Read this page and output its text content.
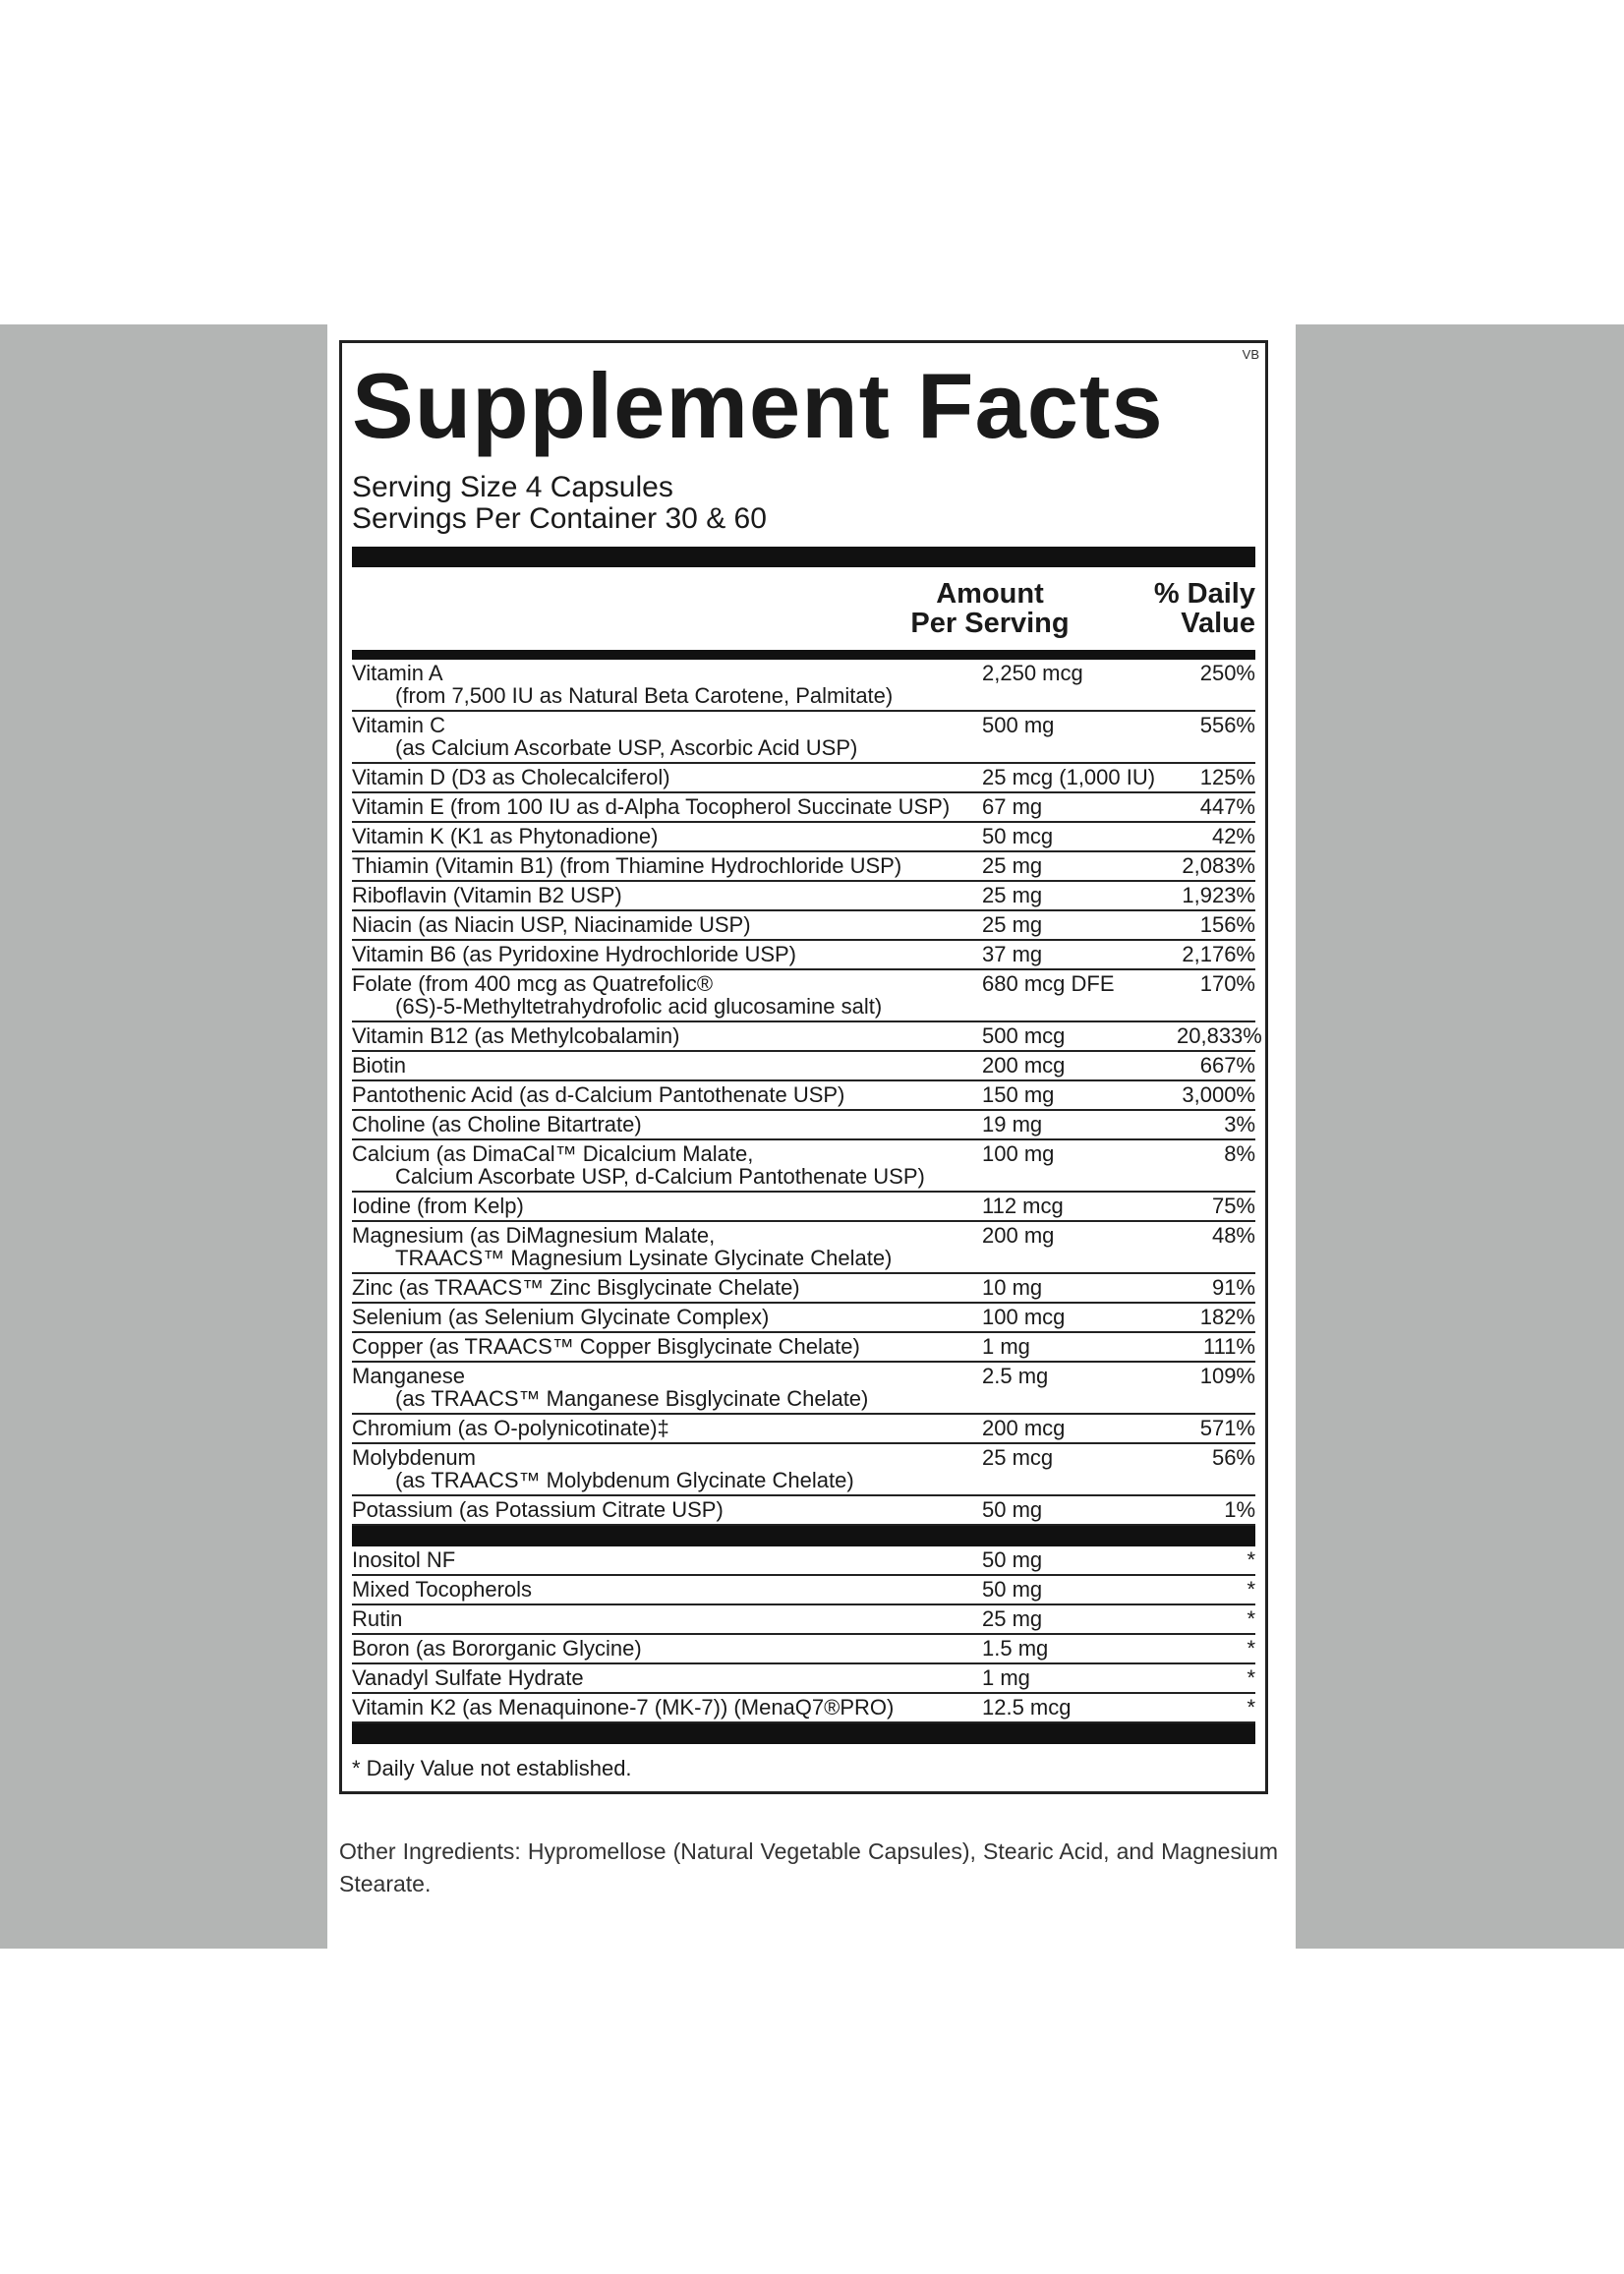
VB
Supplement Facts
Serving Size 4 Capsules
Servings Per Container 30 & 60
Amount
Per Serving
% Daily
Value
Vitamin A
(from 7,500 IU as Natural Beta Carotene, Palmitate)
2,250 mcg	250%
Vitamin C
(as Calcium Ascorbate USP, Ascorbic Acid USP)
500 mg	556%
Vitamin D (D3 as Cholecalciferol)	25 mcg (1,000 IU)	125%
Vitamin E (from 100 IU as d-Alpha Tocopherol Succinate USP)	67 mg	447%
Vitamin K (K1 as Phytonadione)	50 mcg	42%
Thiamin (Vitamin B1) (from Thiamine Hydrochloride USP)	25 mg	2,083%
Riboflavin (Vitamin B2 USP)	25 mg	1,923%
Niacin (as Niacin USP, Niacinamide USP)	25 mg	156%
Vitamin B6 (as Pyridoxine Hydrochloride USP)	37 mg	2,176%
Folate (from 400 mcg as Quatrefolic®
(6S)-5-Methyltetrahydrofolic acid glucosamine salt)
680 mcg DFE	170%
Vitamin B12 (as Methylcobalamin)	500 mcg	20,833%
Biotin	200 mcg	667%
Pantothenic Acid (as d-Calcium Pantothenate USP)	150 mg	3,000%
Choline (as Choline Bitartrate)	19 mg	3%
Calcium (as DimaCal™ Dicalcium Malate,
Calcium Ascorbate USP, d-Calcium Pantothenate USP)
100 mg	8%
Iodine (from Kelp)	112 mcg	75%
Magnesium (as DiMagnesium Malate,
TRAACS™ Magnesium Lysinate Glycinate Chelate)
200 mg	48%
Zinc (as TRAACS™ Zinc Bisglycinate Chelate)	10 mg	91%
Selenium (as Selenium Glycinate Complex)	100 mcg	182%
Copper (as TRAACS™ Copper Bisglycinate Chelate)	1 mg	111%
Manganese
(as TRAACS™ Manganese Bisglycinate Chelate)
2.5 mg	109%
Chromium (as O-polynicotinate)‡	200 mcg	571%
Molybdenum
(as TRAACS™ Molybdenum Glycinate Chelate)
25 mcg	56%
Potassium (as Potassium Citrate USP)	50 mg	1%
Inositol NF	50 mg	*
Mixed Tocopherols	50 mg	*
Rutin	25 mg	*
Boron (as Bororganic Glycine)	1.5 mg	*
Vanadyl Sulfate Hydrate	1 mg	*
Vitamin K2 (as Menaquinone-7 (MK-7)) (MenaQ7®PRO)	12.5 mcg	*
* Daily Value not established.
Other Ingredients: Hypromellose (Natural Vegetable Capsules), Stearic Acid, and Magnesium Stearate.
